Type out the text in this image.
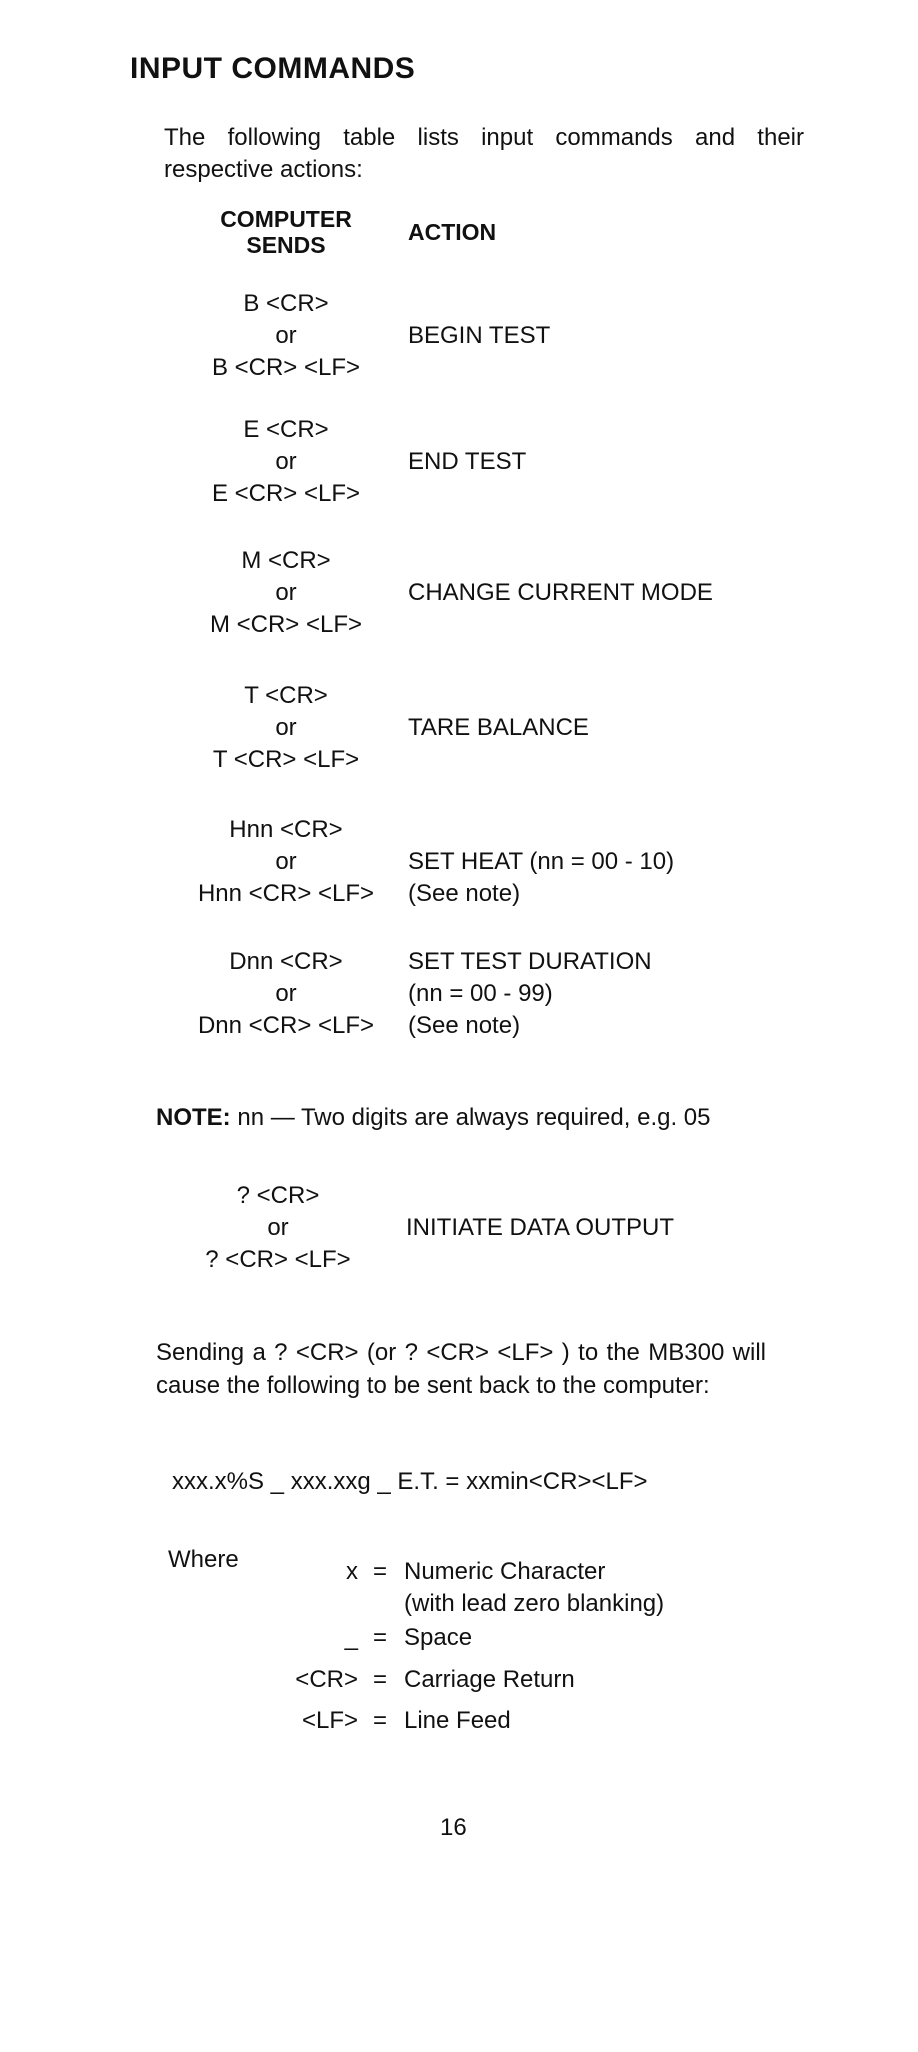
INPUT COMMANDS
The following table lists input commands and their respective actions:
COMPUTER
SENDS	ACTION
B <CR>
or
B <CR> <LF>
BEGIN TEST
E <CR>
or
E <CR> <LF>
END TEST
M <CR>
or
M <CR> <LF>
CHANGE CURRENT MODE
T <CR>
or
T <CR> <LF>
TARE BALANCE
Hnn <CR>
or
Hnn <CR> <LF>
SET HEAT (nn = 00 - 10)
(See note)
Dnn <CR>
or
Dnn <CR> <LF>
SET TEST DURATION
(nn = 00 - 99)
(See note)
NOTE: nn — Two digits are always required, e.g. 05
? <CR>
or
? <CR> <LF>
INITIATE DATA OUTPUT
Sending a ? <CR> (or ? <CR> <LF> ) to the MB300 will cause the following to be sent back to the computer:
xxx.x%S _ xxx.xxg _ E.T. = xxmin<CR><LF>
Where	x = Numeric Character
(with lead zero blanking)
_ = Space
<CR> = Carriage Return
<LF> = Line Feed
16
